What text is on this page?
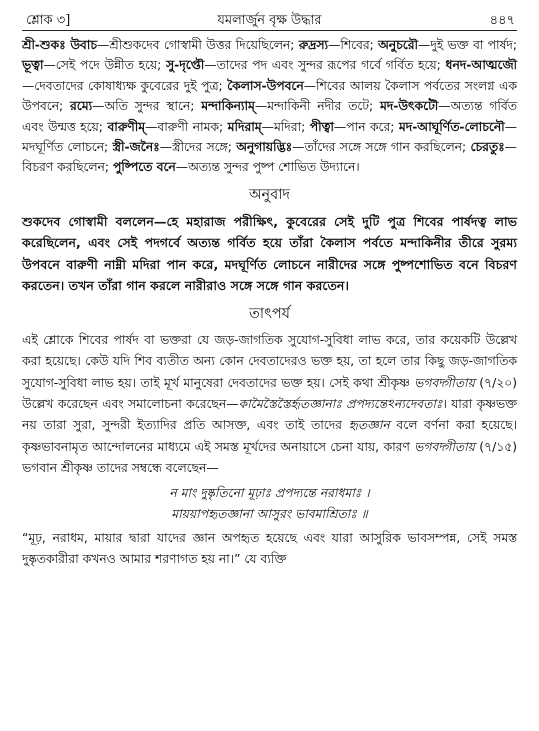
শ্লোক ৩]	যমলার্জুন বৃক্ষ উদ্ধার	৪৪৭

শ্রী-শুকঃ উবাচ—শ্রীশুকদেব গোস্বামী উত্তর দিয়েছিলেন; রুদ্রস্য—শিবের; অনুচরৌ—দুই ভক্ত বা পার্ষদ; ভূত্বা—সেই পদে উন্নীত হয়ে; সু-দৃপ্তৌ—তাদের পদ এবং সুন্দর রূপের গর্বে গর্বিত হয়ে; ধনদ-আত্মজৌ—দেবতাদের কোষাধ্যক্ষ কুবেরের দুই পুত্র; কৈলাস-উপবনে—শিবের আলয় কৈলাস পর্বতের সংলগ্ন এক উপবনে; রম্যে—অতি সুন্দর স্থানে; মন্দাকিন্যাম্—মন্দাকিনী নদীর তটে; মদ-উৎকটৌ—অত্যন্ত গর্বিত এবং উন্মত্ত হয়ে; বারুণীম্—বারুণী নামক; মদিরাম্—মদিরা; পীত্বা—পান করে; মদ-আঘূর্ণিত-লোচনৌ—মদঘূর্ণিত লোচনে; স্ত্রী-জনৈঃ—স্ত্রীদের সঙ্গে; অনুগায়দ্ভিঃ—তাঁদের সঙ্গে সঙ্গে গান করছিলেন; চেরতুঃ—বিচরণ করছিলেন; পুষ্পিতে বনে—অত্যন্ত সুন্দর পুষ্প শোভিত উদ্যানে।

অনুবাদ

শুকদেব গোস্বামী বললেন—হে মহারাজ পরীক্ষিৎ, কুবেরের সেই দুটি পুত্র শিবের পার্ষদত্ব লাভ করেছিলেন, এবং সেই পদগর্বে অত্যন্ত গর্বিত হয়ে তাঁরা কৈলাস পর্বতে মন্দাকিনীর তীরে সুরম্য উপবনে বারুণী নাম্নী মদিরা পান করে, মদঘূর্ণিত লোচনে নারীদের সঙ্গে পুষ্পশোভিত বনে বিচরণ করতেন। তখন তাঁরা গান করলে নারীরাও সঙ্গে সঙ্গে গান করতেন।

তাৎপর্য

এই শ্লোকে শিবের পার্ষদ বা ভক্তরা যে জড়-জাগতিক সুযোগ-সুবিধা লাভ করে, তার কয়েকটি উল্লেখ করা হয়েছে। কেউ যদি শিব ব্যতীত অন্য কোন দেবতাদেরও ভক্ত হয়, তা হলে তার কিছু জড়-জাগতিক সুযোগ-সুবিধা লাভ হয়। তাই মূর্খ মানুষেরা দেবতাদের ভক্ত হয়। সেই কথা শ্রীকৃষ্ণ ভগবদ্গীতায় (৭/২০) উল্লেখ করেছেন এবং সমালোচনা করেছেন—কামৈস্তৈস্তৈর্হৃতজ্ঞানাঃ প্রপদ্যন্তেঽন্যদেবতাঃ। যারা কৃষ্ণভক্ত নয় তারা সুরা, সুন্দরী ইত্যাদির প্রতি আসক্ত, এবং তাই তাদের হৃতজ্ঞান বলে বর্ণনা করা হয়েছে। কৃষ্ণভাবনামৃত আন্দোলনের মাধ্যমে এই সমস্ত মূর্খদের অনায়াসে চেনা যায়, কারণ ভগবদ্গীতায় (৭/১৫) ভগবান শ্রীকৃষ্ণ তাদের সম্বন্ধে বলেছেন—

ন মাং দুষ্কৃতিনো মূঢ়াঃ প্রপদ্যন্তে নরাধমাঃ ।
মায়য়াপহৃতজ্ঞানা আসুরং ভাবমাশ্রিতাঃ ॥

“মূঢ়, নরাধম, মায়ার দ্বারা যাদের জ্ঞান অপহৃত হয়েছে এবং যারা আসুরিক ভাবসম্পন্ন, সেই সমস্ত দুষ্কৃতকারীরা কখনও আমার শরণাগত হয় না।” যে ব্যক্তি
